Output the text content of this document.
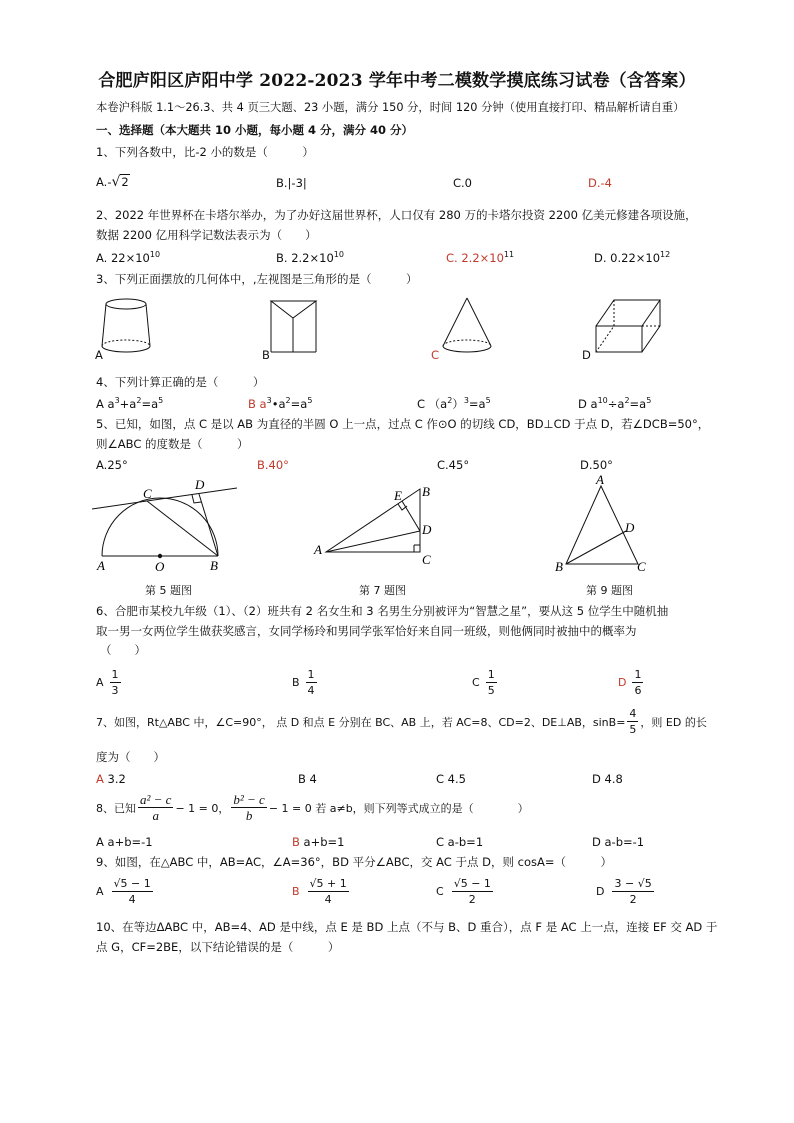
合肥庐阳区庐阳中学 2022-2023 学年中考二模数学摸底练习试卷（含答案）
本卷沪科版 1.1～26.3、共 4 页三大题、23 小题，满分 150 分，时间 120 分钟（使用直接打印、精品解析请自重）
一、选择题（本大题共 10 小题，每小题 4 分，满分 40 分）
1、下列各数中，比-2 小的数是（　　　）
A.-√2	B.|-3|	C.0	D.-4
2、2022 年世界杯在卡塔尔举办，为了办好这届世界杯，人口仅有 280 万的卡塔尔投资 2200 亿美元修建各项设施，
数据 2200 亿用科学记数法表示为（　　）
A. $22\times 10^{10}$	B. $2.2\times 10^{10}$	C. $2.2\times 10^{11}$	D. $0.22\times 10^{12}$
3、下列正面摆放的几何体中，,左视图是三角形的是（　　　）
A	B	C	D
4、下列计算正确的是（　　　）
A $a^3+a^2=a^5$	B $a^3•a^2=a^5$	C $(a^2)^3=a^5$	D $a^{10}\div a^2=a^5$
5、已知，如图，点 C 是以 AB 为直径的半圆 O 上一点，过点 C 作⊙O 的切线 CD，BD⊥CD 于点 D，若∠DCB=50°，
则∠ABC 的度数是（　　　）
A.25°	B.40°	C.45°	D.50°
C
D
A	O	B
第 5 题图
E B
D
A
C
第 7 题图
A
D
B	C
第 9 题图
6、合肥市某校九年级（1）、（2）班共有 2 名女生和 3 名男生分别被评为“智慧之星”，要从这 5 位学生中随机抽
取一男一女两位学生做获奖感言，女同学杨玲和男同学张军恰好来自同一班级，则他俩同时被抽中的概率为
（　　）
A $\frac{1}{3}$	B $\frac{1}{4}$	C $\frac{1}{5}$	D $\frac{1}{6}$
7、如图，Rt△ABC 中，∠C=90°， 点 D 和点 E 分别在 BC、AB 上，若 AC=8、CD=2、DE⊥AB，$\sin B= \frac{4}{5}$ ，则 ED 的长
度为（　　）
A 3.2	B 4	C 4.5	D 4.8
8、已知 $\frac{\text{a² − c}}{a} - 1 = 0$， $\frac{\text{b² − c}}{b} - 1 = 0$ 若 a≠b，则下列等式成立的是（　　　　）
A a+b=-1	B a+b=1	C a-b=1	D a-b=-1
9、如图，在△ABC 中，AB=AC，∠A=36°，BD 平分∠ABC，交 AC 于点 D，则 cosA=（　　　）
A $\frac{√5 - 1}{4}$	B $\frac{√5 + 1}{4}$	C $\frac{√5 - 1}{2}$	D $\frac{3 - √5}{2}$
10、在等边ΔABC 中，AB=4、AD 是中线，点 E 是 BD 上点（不与 B、D 重合），点 F 是 AC 上一点，连接 EF 交 AD 于
点 G，CF=2BE，以下结论错误的是（　　　）
